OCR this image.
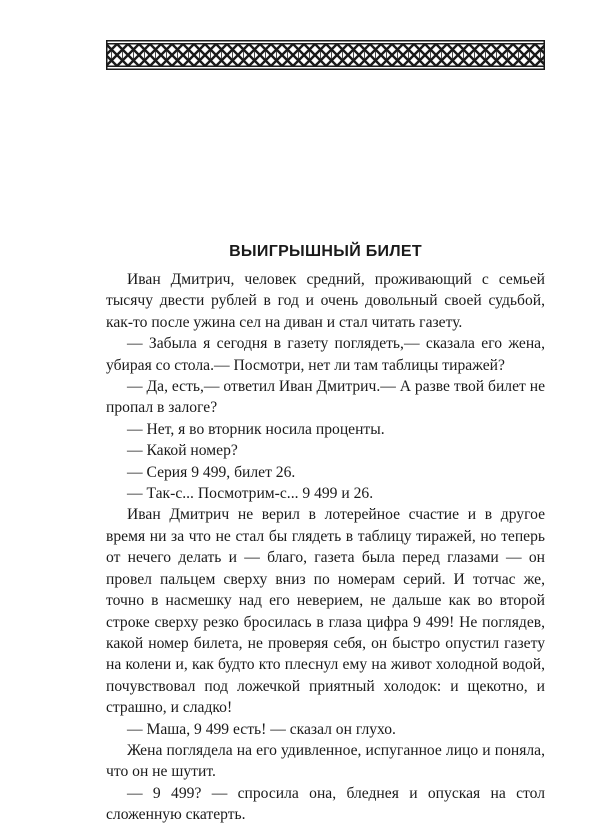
ВЫИГРЫШНЫЙ БИЛЕТ

Иван Дмитрич, человек средний, проживающий с семьей тысячу двести рублей в год и очень довольный своей судьбой, как-то после ужина сел на диван и стал читать газету.

— Забыла я сегодня в газету поглядеть,— сказала его жена, убирая со стола.— Посмотри, нет ли там таблицы тиражей?

— Да, есть,— ответил Иван Дмитрич.— А разве твой билет не пропал в залоге?

— Нет, я во вторник носила проценты.

— Какой номер?

— Серия 9 499, билет 26.

— Так-с... Посмотрим-с... 9 499 и 26.

Иван Дмитрич не верил в лотерейное счастие и в другое время ни за что не стал бы глядеть в таблицу тиражей, но теперь от нечего делать и — благо, газета была перед глазами — он провел пальцем сверху вниз по номерам серий. И тотчас же, точно в насмешку над его неверием, не дальше как во второй строке сверху резко бросилась в глаза цифра 9 499! Не поглядев, какой номер билета, не проверяя себя, он быстро опустил газету на колени и, как будто кто плеснул ему на живот холодной водой, почувствовал под ложечкой приятный холодок: и щекотно, и страшно, и сладко!

— Маша, 9 499 есть! — сказал он глухо.

Жена поглядела на его удивленное, испуганное лицо и поняла, что он не шутит.

— 9 499? — спросила она, бледнея и опуская на стол сложенную скатерть.
